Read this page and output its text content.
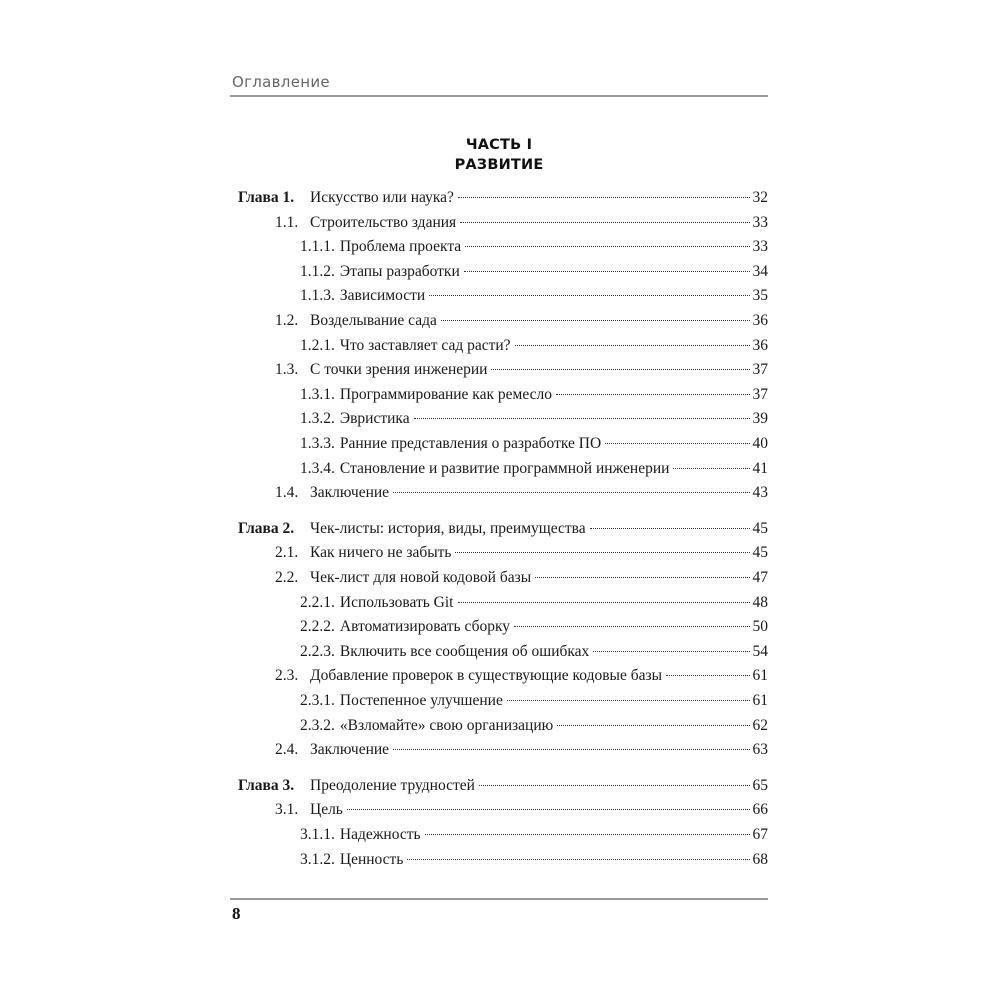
Оглавление
ЧАСТЬ I
РАЗВИТИЕ
Глава 1.	Искусство или наука?	32
1.1. Строительство здания	33
1.1.1. Проблема проекта	33
1.1.2. Этапы разработки	34
1.1.3. Зависимости	35
1.2. Возделывание сада	36
1.2.1. Что заставляет сад расти?	36
1.3. С точки зрения инженерии	37
1.3.1. Программирование как ремесло	37
1.3.2. Эвристика	39
1.3.3. Ранние представления о разработке ПО	40
1.3.4. Становление и развитие программной инженерии	41
1.4. Заключение	43
Глава 2.	Чек-листы: история, виды, преимущества	45
2.1. Как ничего не забыть	45
2.2. Чек-лист для новой кодовой базы	47
2.2.1. Использовать Git	48
2.2.2. Автоматизировать сборку	50
2.2.3. Включить все сообщения об ошибках	54
2.3. Добавление проверок в существующие кодовые базы	61
2.3.1. Постепенное улучшение	61
2.3.2. «Взломайте» свою организацию	62
2.4. Заключение	63
Глава 3.	Преодоление трудностей	65
3.1. Цель	66
3.1.1. Надежность	67
3.1.2. Ценность	68
8
